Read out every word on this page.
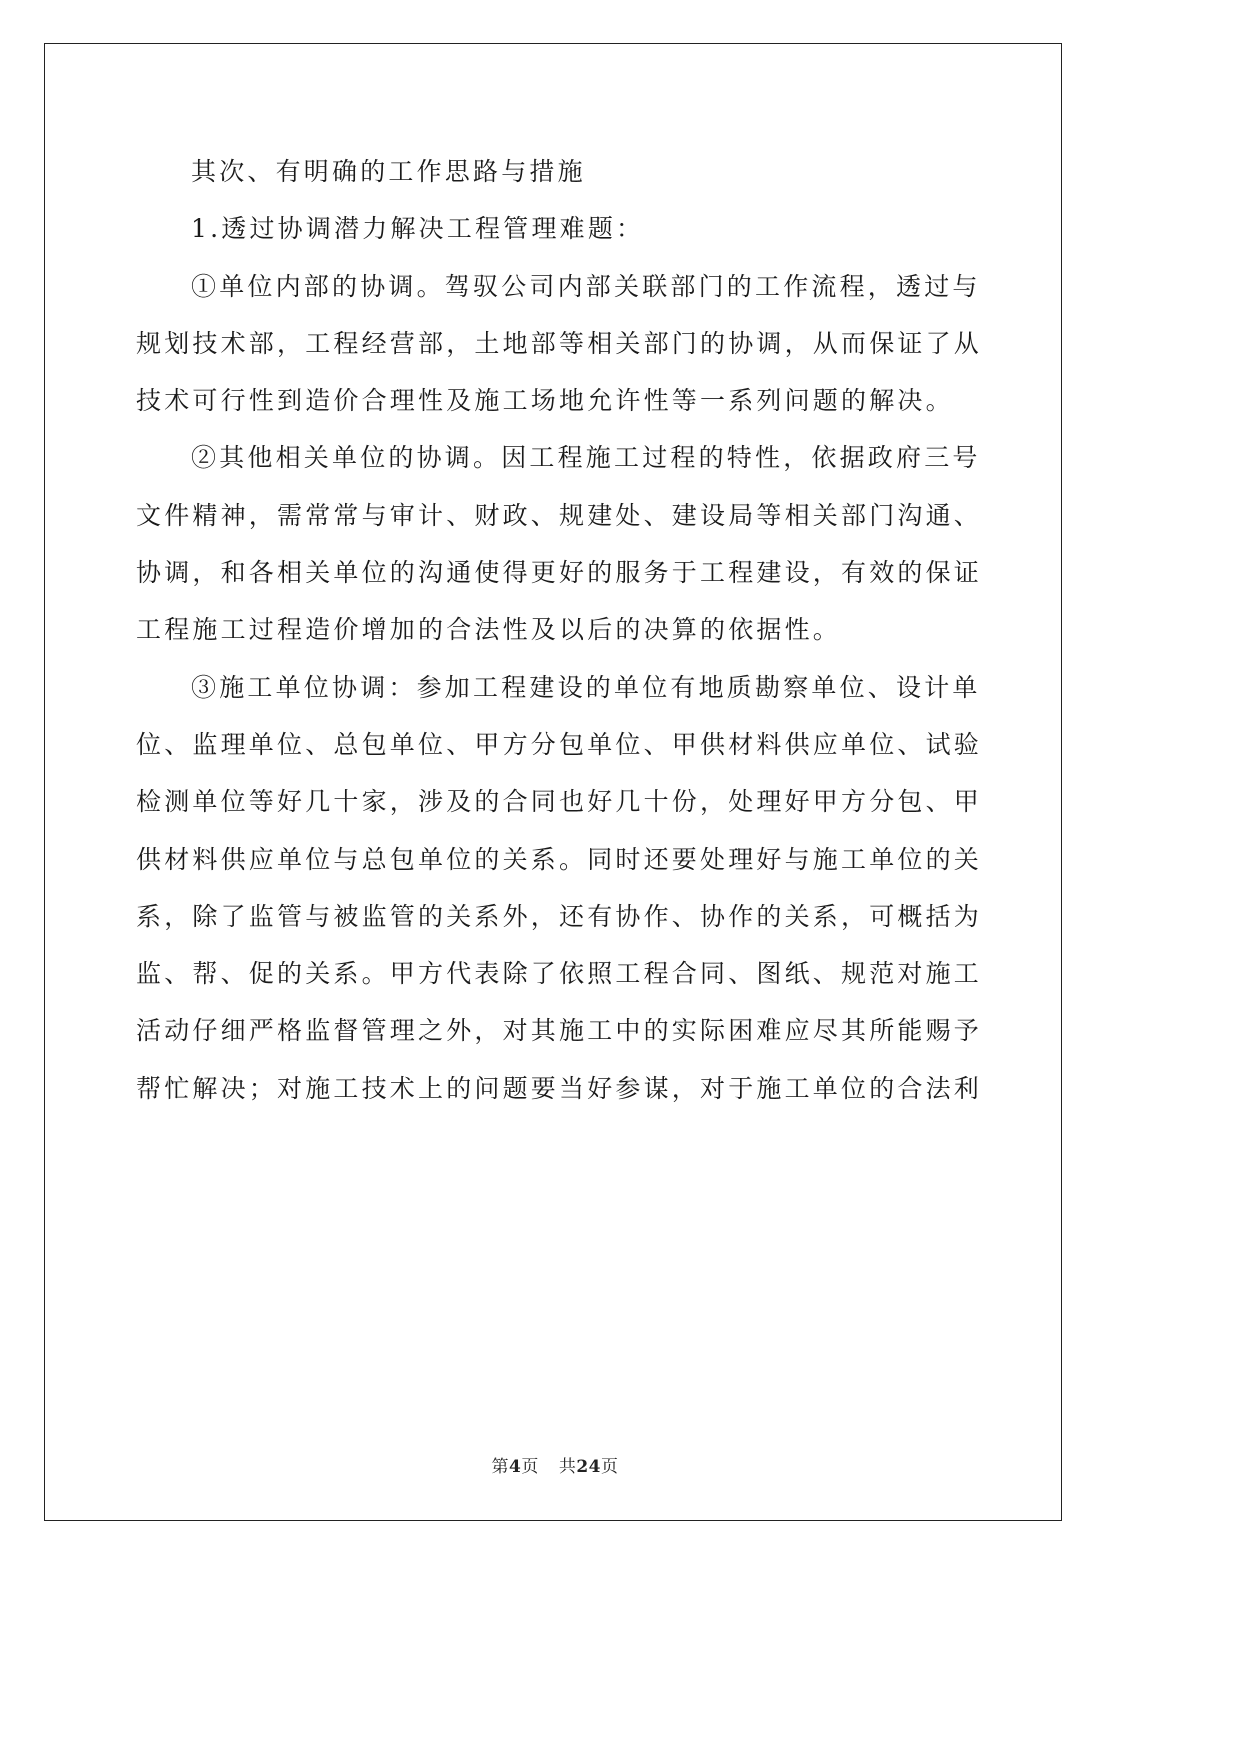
其次、有明确的工作思路与措施
1.透过协调潜力解决工程管理难题：
①单位内部的协调。驾驭公司内部关联部门的工作流程，透过与
规划技术部，工程经营部，土地部等相关部门的协调，从而保证了从
技术可行性到造价合理性及施工场地允许性等一系列问题的解决。
②其他相关单位的协调。因工程施工过程的特性，依据政府三号
文件精神，需常常与审计、财政、规建处、建设局等相关部门沟通、
协调，和各相关单位的沟通使得更好的服务于工程建设，有效的保证
工程施工过程造价增加的合法性及以后的决算的依据性。
③施工单位协调：参加工程建设的单位有地质勘察单位、设计单
位、监理单位、总包单位、甲方分包单位、甲供材料供应单位、试验
检测单位等好几十家，涉及的合同也好几十份，处理好甲方分包、甲
供材料供应单位与总包单位的关系。同时还要处理好与施工单位的关
系，除了监管与被监管的关系外，还有协作、协作的关系，可概括为
监、帮、促的关系。甲方代表除了依照工程合同、图纸、规范对施工
活动仔细严格监督管理之外，对其施工中的实际困难应尽其所能赐予
帮忙解决；对施工技术上的问题要当好参谋，对于施工单位的合法利
第4页 共24页
